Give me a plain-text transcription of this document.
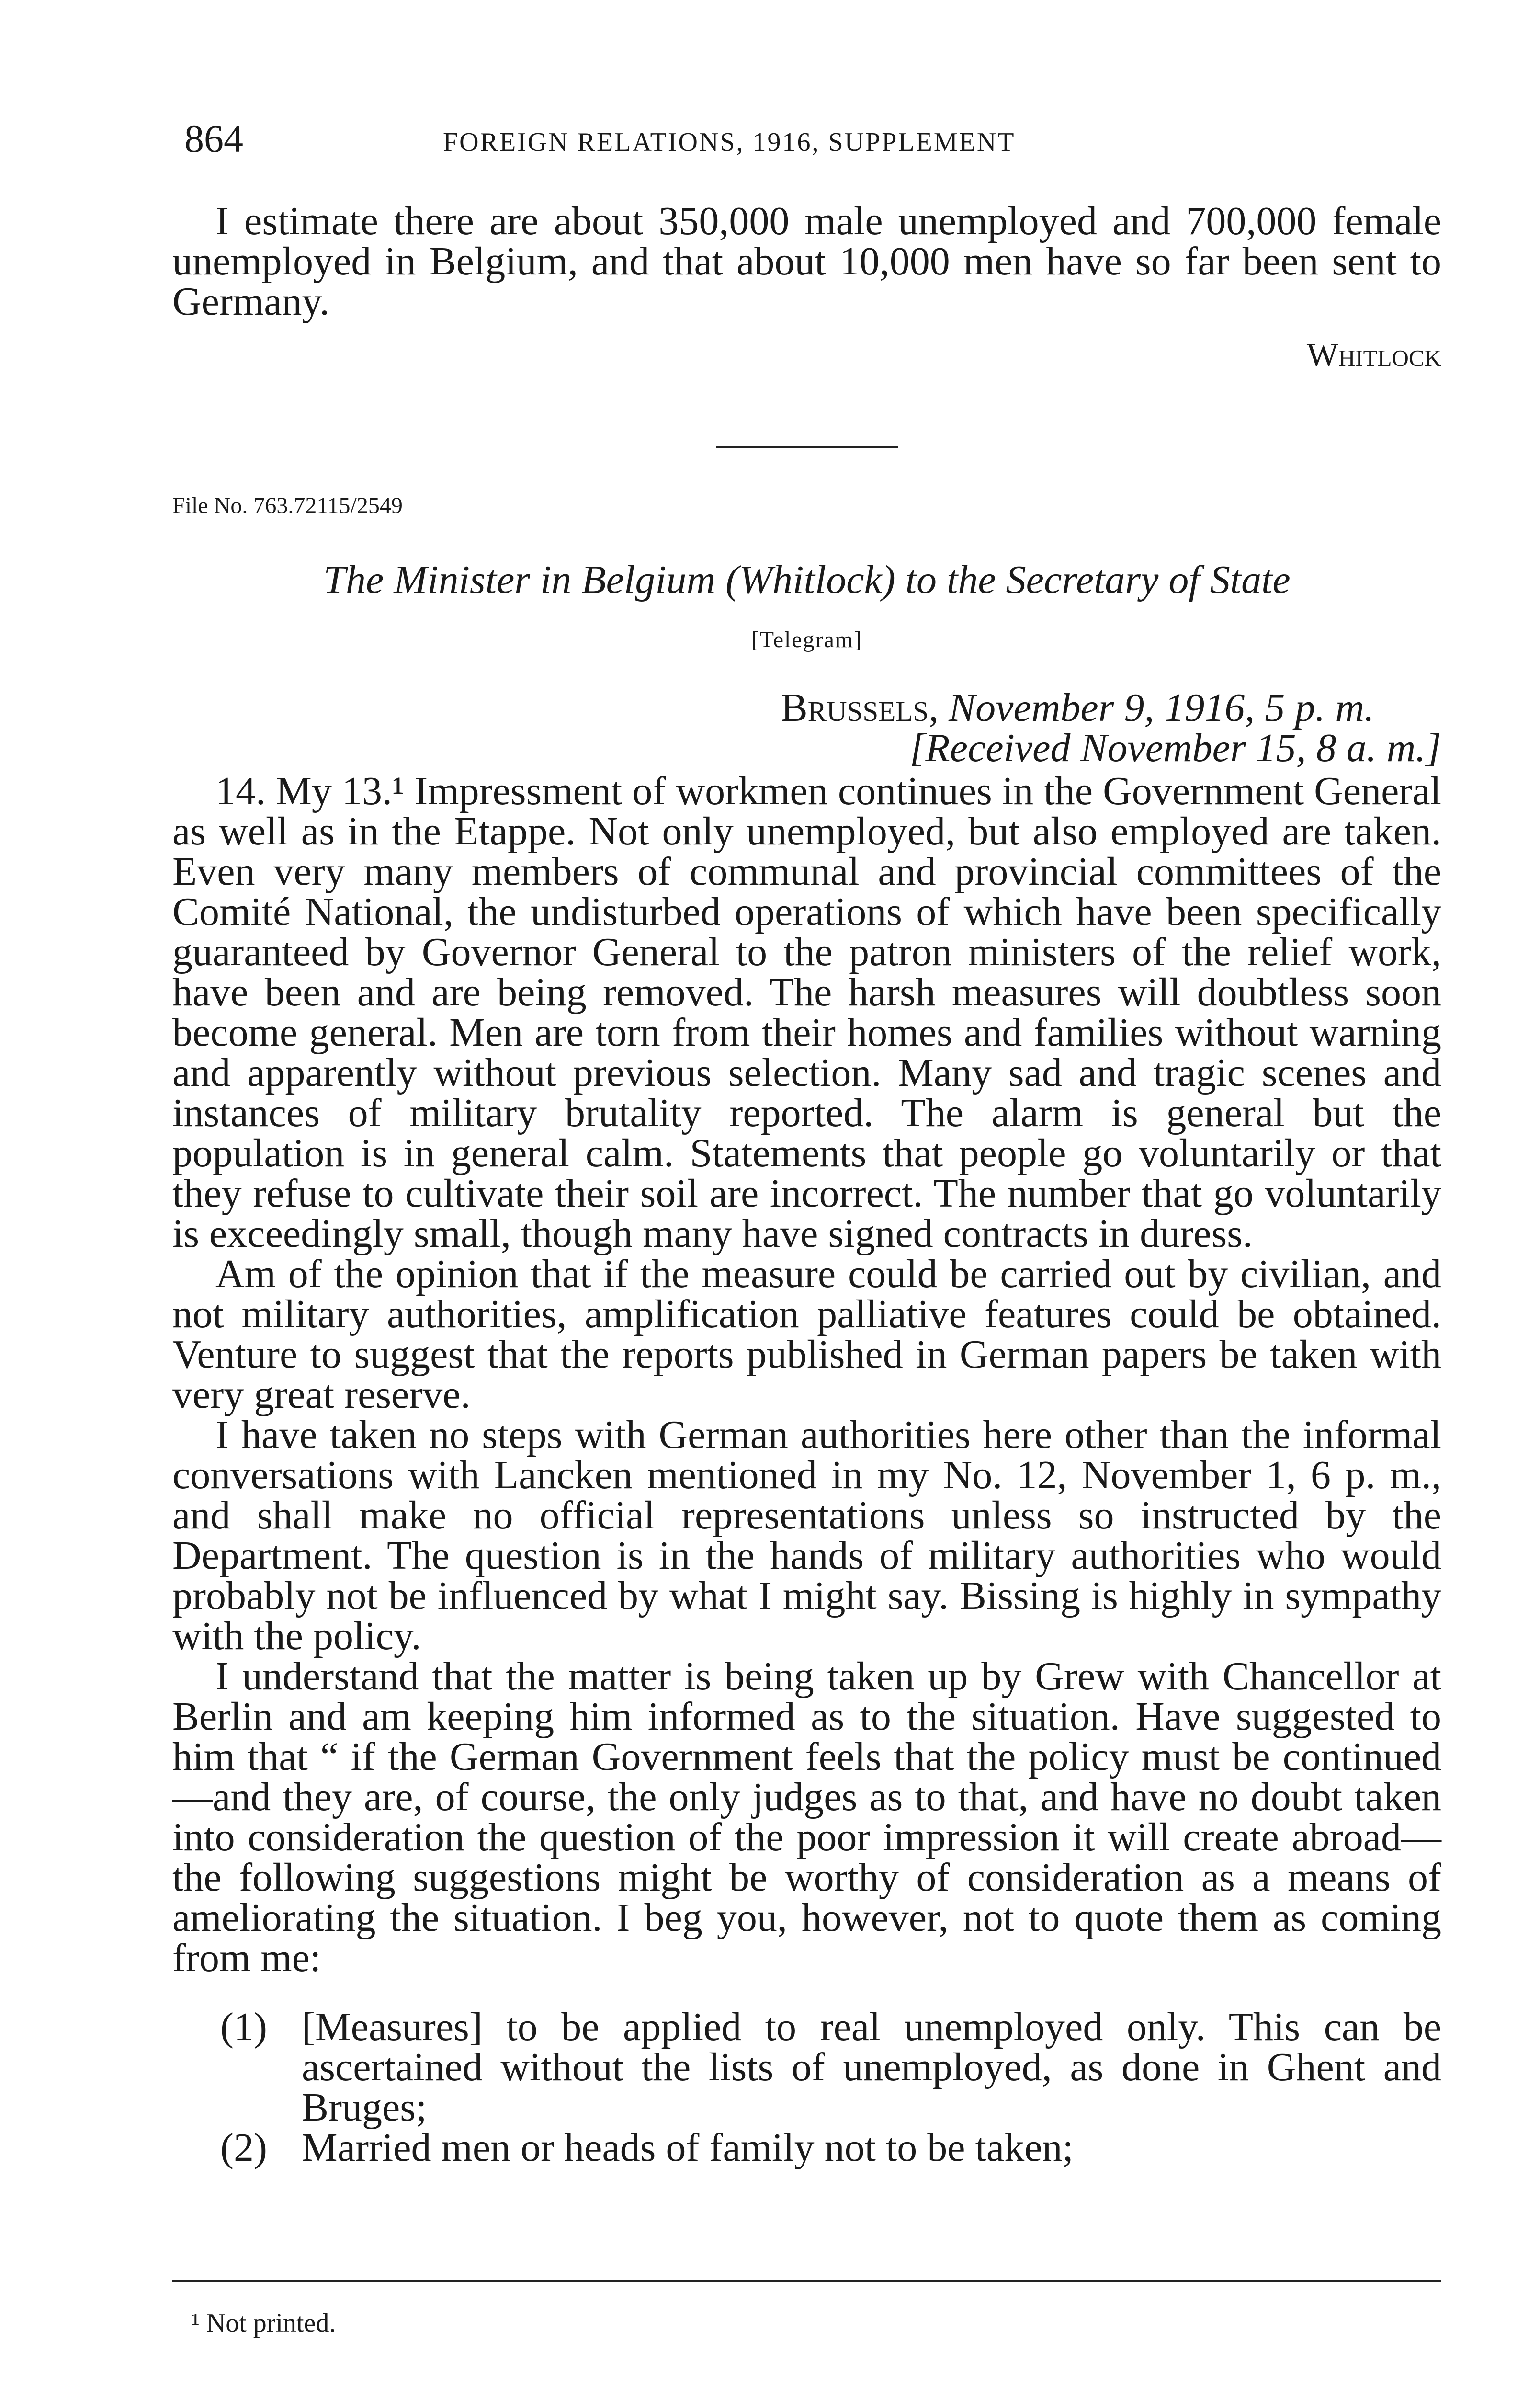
864	FOREIGN RELATIONS, 1916, SUPPLEMENT

I estimate there are about 350,000 male unemployed and 700,000 female unemployed in Belgium, and that about 10,000 men have so far been sent to Germany.

Whitlock

File No. 763.72115/2549

The Minister in Belgium (Whitlock) to the Secretary of State
[Telegram]
Brussels, November 9, 1916, 5 p. m.
[Received November 15, 8 a. m.]

14. My 13.¹ Impressment of workmen continues in the Government General as well as in the Etappe. Not only unemployed, but also employed are taken. Even very many members of communal and provincial committees of the Comité National, the undisturbed operations of which have been specifically guaranteed by Governor General to the patron ministers of the relief work, have been and are being removed. The harsh measures will doubtless soon become general. Men are torn from their homes and families without warning and apparently without previous selection. Many sad and tragic scenes and instances of military brutality reported. The alarm is general but the population is in general calm. Statements that people go voluntarily or that they refuse to cultivate their soil are incorrect. The number that go voluntarily is exceedingly small, though many have signed contracts in duress.

Am of the opinion that if the measure could be carried out by civilian, and not military authorities, amplification palliative features could be obtained. Venture to suggest that the reports published in German papers be taken with very great reserve.

I have taken no steps with German authorities here other than the informal conversations with Lancken mentioned in my No. 12, November 1, 6 p. m., and shall make no official representations unless so instructed by the Department. The question is in the hands of military authorities who would probably not be influenced by what I might say. Bissing is highly in sympathy with the policy.

I understand that the matter is being taken up by Grew with Chancellor at Berlin and am keeping him informed as to the situation. Have suggested to him that “ if the German Government feels that the policy must be continued—and they are, of course, the only judges as to that, and have no doubt taken into consideration the question of the poor impression it will create abroad—the following suggestions might be worthy of consideration as a means of ameliorating the situation. I beg you, however, not to quote them as coming from me:

(1) [Measures] to be applied to real unemployed only. This can be ascertained without the lists of unemployed, as done in Ghent and Bruges;
(2) Married men or heads of family not to be taken;
¹ Not printed.
